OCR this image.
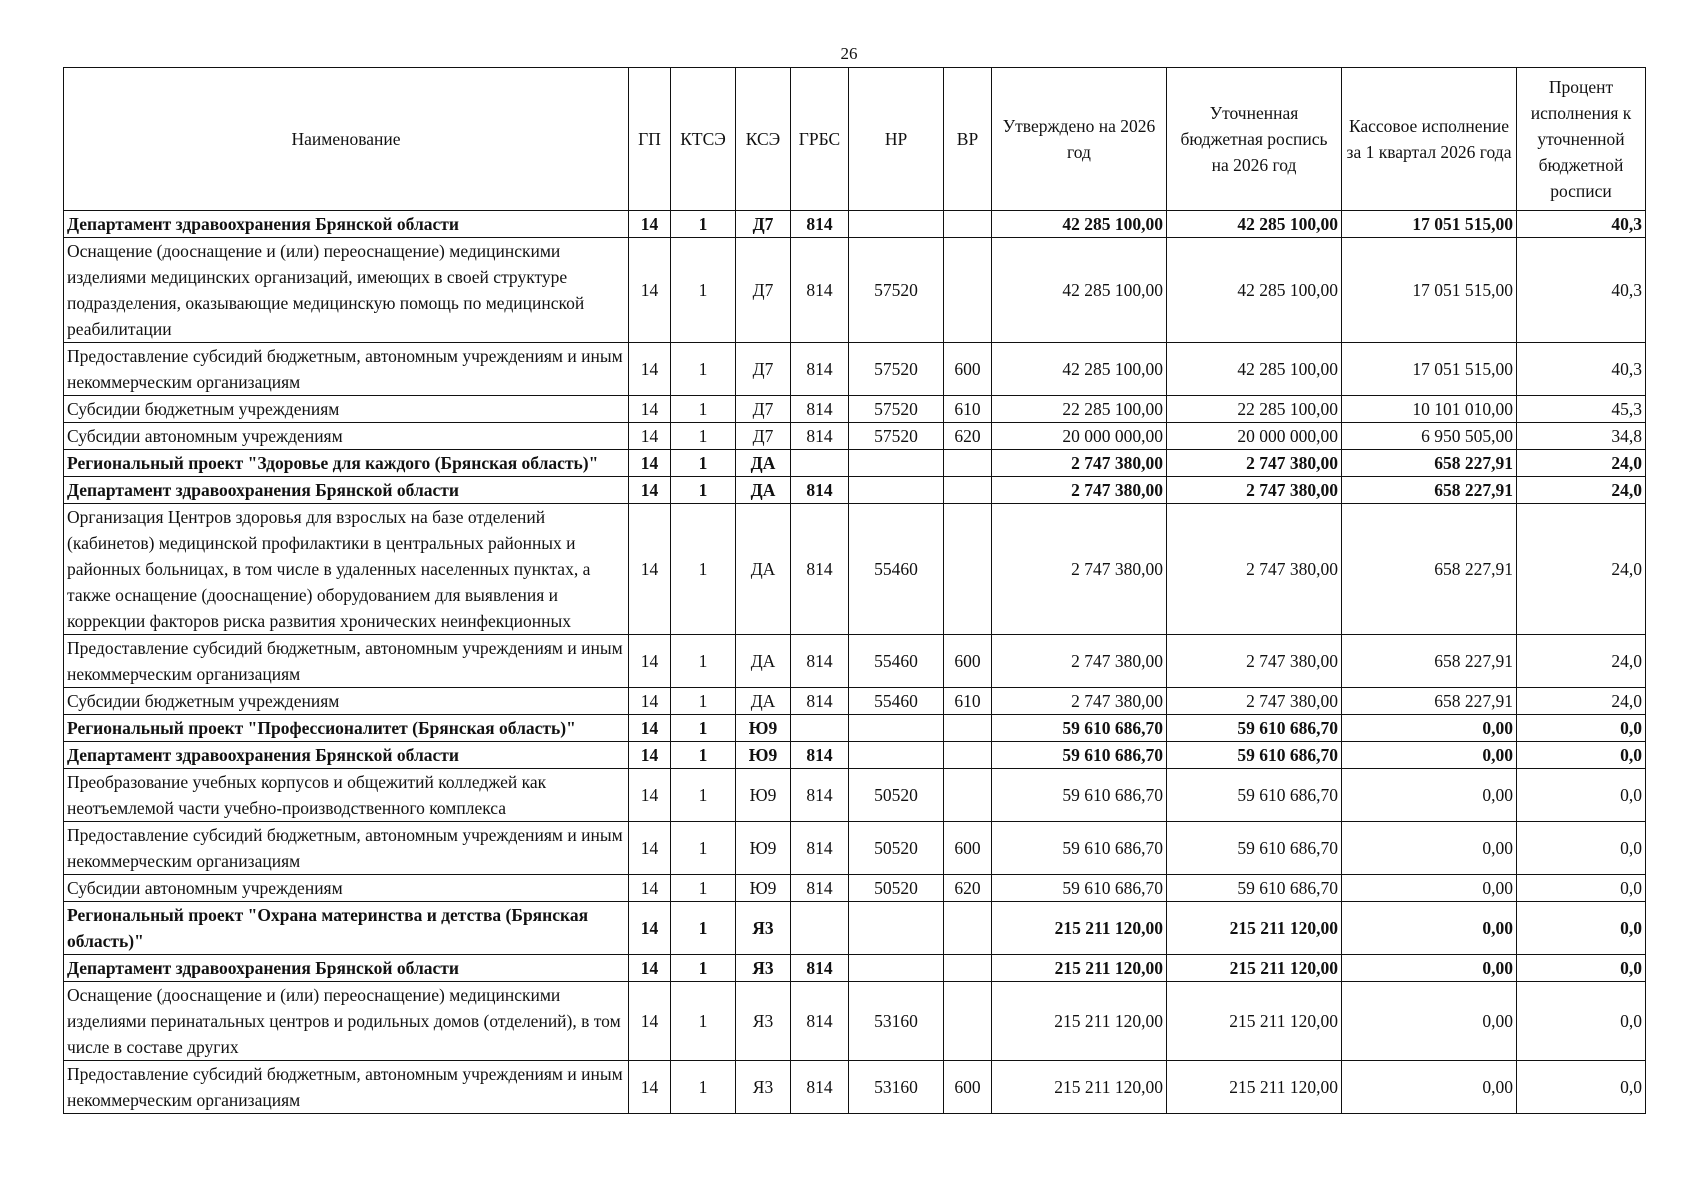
26
Наименование	ГП	КТСЭ	КСЭ	ГРБС	НР	ВР	Утверждено на 2026 год	Уточненная бюджетная роспись на 2026 год	Кассовое исполнение за 1 квартал 2026 года	Процент исполнения к уточненной бюджетной росписи
Департамент здравоохранения Брянской области	14	1	Д7	814			42 285 100,00	42 285 100,00	17 051 515,00	40,3
Оснащение (дооснащение и (или) переоснащение) медицинскими изделиями медицинских организаций, имеющих в своей структуре подразделения, оказывающие медицинскую помощь по медицинской реабилитации	14	1	Д7	814	57520		42 285 100,00	42 285 100,00	17 051 515,00	40,3
Предоставление субсидий бюджетным, автономным учреждениям и иным некоммерческим организациям	14	1	Д7	814	57520	600	42 285 100,00	42 285 100,00	17 051 515,00	40,3
Субсидии бюджетным учреждениям	14	1	Д7	814	57520	610	22 285 100,00	22 285 100,00	10 101 010,00	45,3
Субсидии автономным учреждениям	14	1	Д7	814	57520	620	20 000 000,00	20 000 000,00	6 950 505,00	34,8
Региональный проект "Здоровье для каждого (Брянская область)"	14	1	ДА				2 747 380,00	2 747 380,00	658 227,91	24,0
Департамент здравоохранения Брянской области	14	1	ДА	814			2 747 380,00	2 747 380,00	658 227,91	24,0
Организация Центров здоровья для взрослых на базе отделений (кабинетов) медицинской профилактики в центральных районных и районных больницах, в том числе в удаленных населенных пунктах, а также оснащение (дооснащение) оборудованием для выявления и коррекции факторов риска развития хронических неинфекционных	14	1	ДА	814	55460		2 747 380,00	2 747 380,00	658 227,91	24,0
Предоставление субсидий бюджетным, автономным учреждениям и иным некоммерческим организациям	14	1	ДА	814	55460	600	2 747 380,00	2 747 380,00	658 227,91	24,0
Субсидии бюджетным учреждениям	14	1	ДА	814	55460	610	2 747 380,00	2 747 380,00	658 227,91	24,0
Региональный проект "Профессионалитет (Брянская область)"	14	1	Ю9				59 610 686,70	59 610 686,70	0,00	0,0
Департамент здравоохранения Брянской области	14	1	Ю9	814			59 610 686,70	59 610 686,70	0,00	0,0
Преобразование учебных корпусов и общежитий колледжей как неотъемлемой части учебно-производственного комплекса	14	1	Ю9	814	50520		59 610 686,70	59 610 686,70	0,00	0,0
Предоставление субсидий бюджетным, автономным учреждениям и иным некоммерческим организациям	14	1	Ю9	814	50520	600	59 610 686,70	59 610 686,70	0,00	0,0
Субсидии автономным учреждениям	14	1	Ю9	814	50520	620	59 610 686,70	59 610 686,70	0,00	0,0
Региональный проект "Охрана материнства и детства (Брянская область)"	14	1	Я3				215 211 120,00	215 211 120,00	0,00	0,0
Департамент здравоохранения Брянской области	14	1	Я3	814			215 211 120,00	215 211 120,00	0,00	0,0
Оснащение (дооснащение и (или) переоснащение) медицинскими изделиями перинатальных центров и родильных домов (отделений), в том числе в составе других	14	1	Я3	814	53160		215 211 120,00	215 211 120,00	0,00	0,0
Предоставление субсидий бюджетным, автономным учреждениям и иным некоммерческим организациям	14	1	Я3	814	53160	600	215 211 120,00	215 211 120,00	0,00	0,0
